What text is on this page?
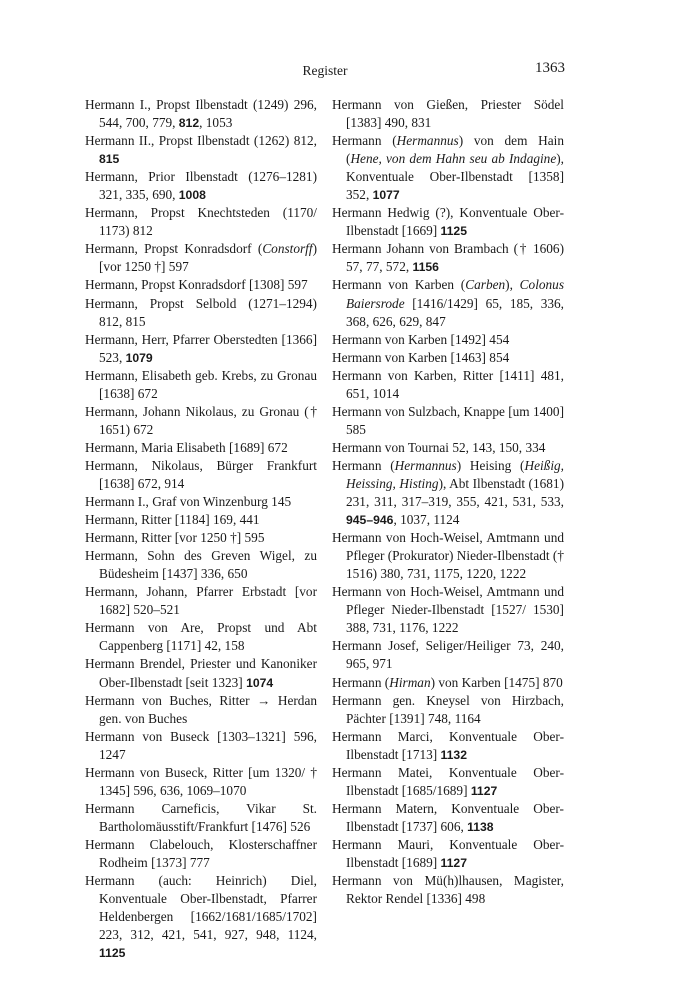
Register	1363

Hermann I., Propst Ilbenstadt (1249) 296, 544, 700, 779, 812, 1053

Hermann II., Propst Ilbenstadt (1262) 812, 815

Hermann, Prior Ilbenstadt (1276–1281) 321, 335, 690, 1008

Hermann, Propst Knechtsteden (1170/ 1173) 812

Hermann, Propst Konradsdorf (Constorff) [vor 1250 †] 597

Hermann, Propst Konradsdorf [1308] 597

Hermann, Propst Selbold (1271–1294) 812, 815

Hermann, Herr, Pfarrer Oberstedten [1366] 523, 1079

Hermann, Elisabeth geb. Krebs, zu Gronau [1638] 672

Hermann, Johann Nikolaus, zu Gronau († 1651) 672

Hermann, Maria Elisabeth [1689] 672

Hermann, Nikolaus, Bürger Frankfurt [1638] 672, 914

Hermann I., Graf von Winzenburg 145

Hermann, Ritter [1184] 169, 441

Hermann, Ritter [vor 1250 †] 595

Hermann, Sohn des Greven Wigel, zu Büdesheim [1437] 336, 650

Hermann, Johann, Pfarrer Erbstadt [vor 1682] 520–521

Hermann von Are, Propst und Abt Cappenberg [1171] 42, 158

Hermann Brendel, Priester und Kanoniker Ober-Ilbenstadt [seit 1323] 1074

Hermann von Buches, Ritter → Herdan gen. von Buches

Hermann von Buseck [1303–1321] 596, 1247

Hermann von Buseck, Ritter [um 1320/ † 1345] 596, 636, 1069–1070

Hermann Carneficis, Vikar St. Bartholomäusstift/Frankfurt [1476] 526

Hermann Clabelouch, Klosterschaffner Rodheim [1373] 777

Hermann (auch: Heinrich) Diel, Konventuale Ober-Ilbenstadt, Pfarrer Heldenbergen [1662/1681/1685/1702] 223, 312, 421, 541, 927, 948, 1124, 1125

Hermann von Gießen, Priester Södel [1383] 490, 831

Hermann (Hermannus) von dem Hain (Hene, von dem Hahn seu ab Indagine), Konventuale Ober-Ilbenstadt [1358] 352, 1077

Hermann Hedwig (?), Konventuale Ober-Ilbenstadt [1669] 1125

Hermann Johann von Brambach († 1606) 57, 77, 572, 1156

Hermann von Karben (Carben), Colonus Baiersrode [1416/1429] 65, 185, 336, 368, 626, 629, 847

Hermann von Karben [1492] 454

Hermann von Karben [1463] 854

Hermann von Karben, Ritter [1411] 481, 651, 1014

Hermann von Sulzbach, Knappe [um 1400] 585

Hermann von Tournai 52, 143, 150, 334

Hermann (Hermannus) Heising (Heißig, Heissing, Histing), Abt Ilbenstadt (1681) 231, 311, 317–319, 355, 421, 531, 533, 945–946, 1037, 1124

Hermann von Hoch-Weisel, Amtmann und Pfleger (Prokurator) Nieder-Ilbenstadt († 1516) 380, 731, 1175, 1220, 1222

Hermann von Hoch-Weisel, Amtmann und Pfleger Nieder-Ilbenstadt [1527/ 1530] 388, 731, 1176, 1222

Hermann Josef, Seliger/Heiliger 73, 240, 965, 971

Hermann (Hirman) von Karben [1475] 870

Hermann gen. Kneysel von Hirzbach, Pächter [1391] 748, 1164

Hermann Marci, Konventuale Ober-Ilbenstadt [1713] 1132

Hermann Matei, Konventuale Ober-Ilbenstadt [1685/1689] 1127

Hermann Matern, Konventuale Ober-Ilbenstadt [1737] 606, 1138

Hermann Mauri, Konventuale Ober-Ilbenstadt [1689] 1127

Hermann von Mü(h)lhausen, Magister, Rektor Rendel [1336] 498
